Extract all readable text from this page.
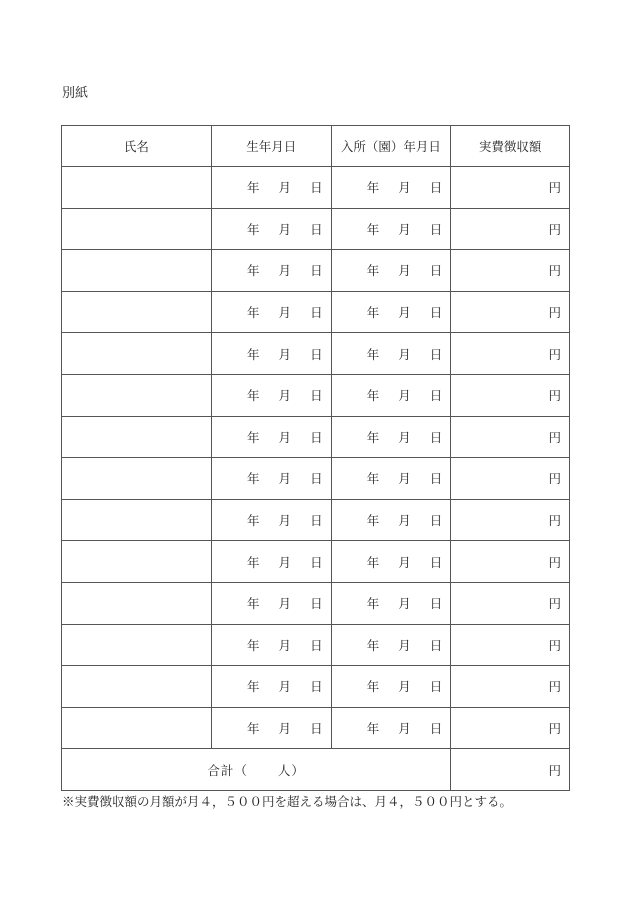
別紙
氏名	生年月日	入所（園）年月日	実費徴収額

	年 月 日	年 月 日	円

	年 月 日	年 月 日	円

	年 月 日	年 月 日	円

	年 月 日	年 月 日	円

	年 月 日	年 月 日	円

	年 月 日	年 月 日	円

	年 月 日	年 月 日	円

	年 月 日	年 月 日	円

	年 月 日	年 月 日	円

	年 月 日	年 月 日	円

	年 月 日	年 月 日	円

	年 月 日	年 月 日	円

	年 月 日	年 月 日	円

	年 月 日	年 月 日	円
合計（ 人）			円
※実費徴収額の月額が月４，５００円を超える場合は、月４，５００円とする。
